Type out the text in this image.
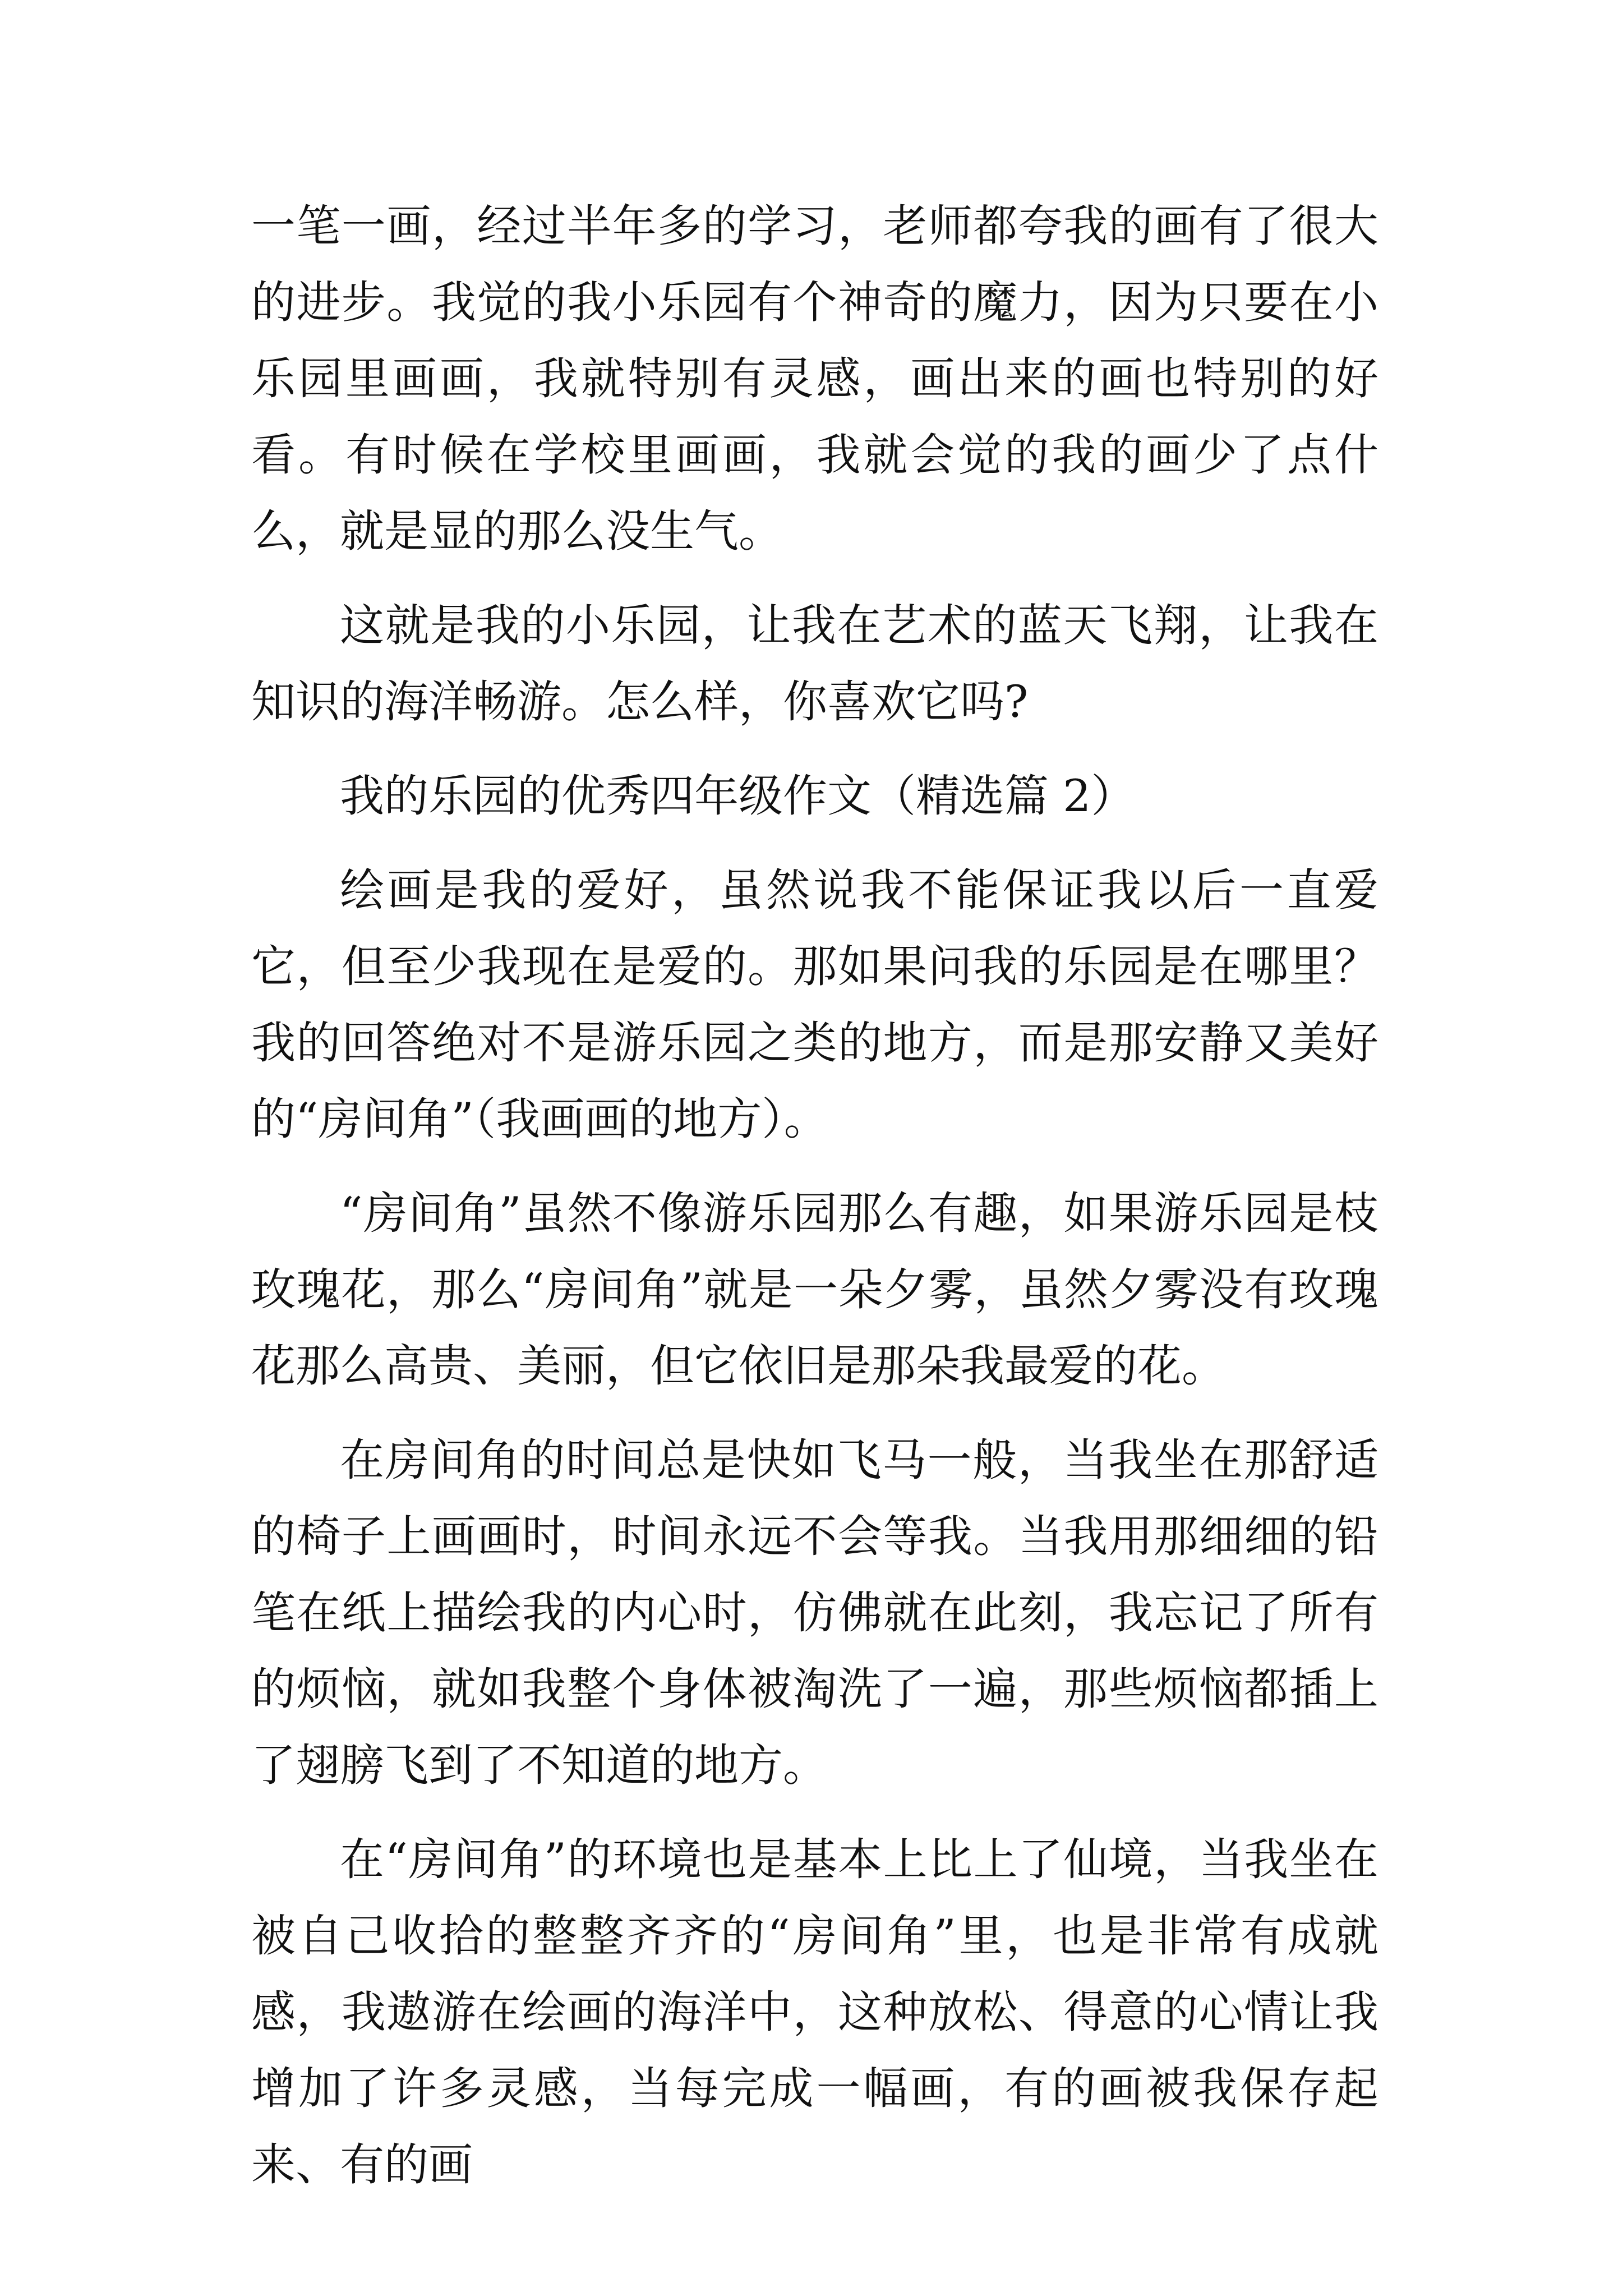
一笔一画，经过半年多的学习，老师都夸我的画有了很大的进步。我觉的我小乐园有个神奇的魔力，因为只要在小乐园里画画，我就特别有灵感，画出来的画也特别的好看。有时候在学校里画画，我就会觉的我的画少了点什么，就是显的那么没生气。

这就是我的小乐园，让我在艺术的蓝天飞翔，让我在知识的海洋畅游。怎么样，你喜欢它吗?

我的乐园的优秀四年级作文（精选篇 2）

绘画是我的爱好，虽然说我不能保证我以后一直爱它，但至少我现在是爱的。那如果问我的乐园是在哪里？我的回答绝对不是游乐园之类的地方，而是那安静又美好的“房间角”（我画画的地方）。

“房间角”虽然不像游乐园那么有趣，如果游乐园是枝玫瑰花，那么“房间角”就是一朵夕雾，虽然夕雾没有玫瑰花那么高贵、美丽，但它依旧是那朵我最爱的花。

在房间角的时间总是快如飞马一般，当我坐在那舒适的椅子上画画时，时间永远不会等我。当我用那细细的铅笔在纸上描绘我的内心时，仿佛就在此刻，我忘记了所有的烦恼，就如我整个身体被淘洗了一遍，那些烦恼都插上了翅膀飞到了不知道的地方。

在“房间角”的环境也是基本上比上了仙境，当我坐在被自己收拾的整整齐齐的“房间角”里，也是非常有成就感，我遨游在绘画的海洋中，这种放松、得意的心情让我增加了许多灵感，当每完成一幅画，有的画被我保存起来、有的画
